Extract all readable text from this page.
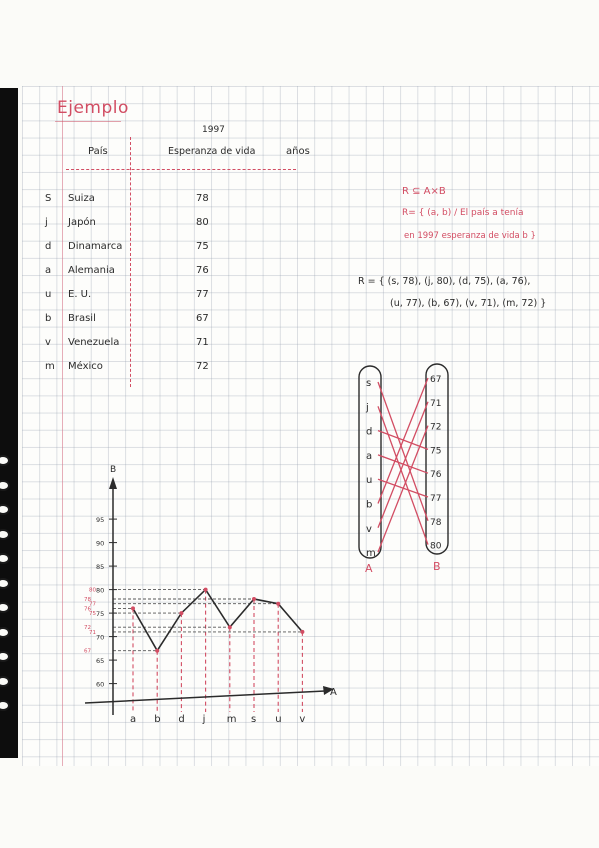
Ejemplo
1997
País	Esperanza de vida	años
S Suiza	78
j Japón	80
d Dinamarca	75
a Alemania	76
u E. U.	77
b Brasil	67
v Venezuela	71
m México	72
R ⊆ A×B
R= { (a, b) / El país a tenía
en 1997 esperanza de vida b }
R = { (s, 78), (j, 80), (d, 75), (a, 76),
(u, 77), (b, 67), (v, 71), (m, 72) }
s
j
d
a
u
b
v
m
67
71
72
75
76
77
78
80
A	B
B
A
60
65
70
75
80
85
90
95
67
71
72
75
76
77
78
80
a b d j m s u v
